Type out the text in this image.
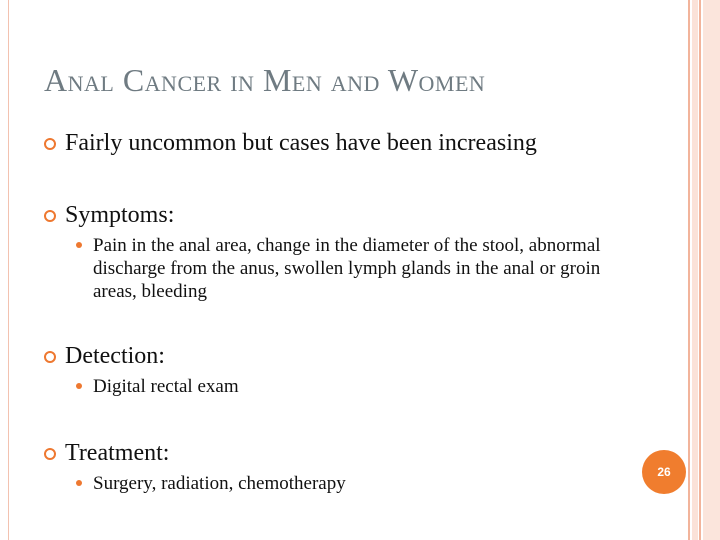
Anal Cancer in Men and Women
Fairly uncommon but cases have been increasing
Symptoms:
Pain in the anal area, change in the diameter of the stool, abnormal discharge from the anus, swollen lymph glands in the anal or groin areas, bleeding
Detection:
Digital rectal exam
Treatment:
Surgery, radiation, chemotherapy
26
